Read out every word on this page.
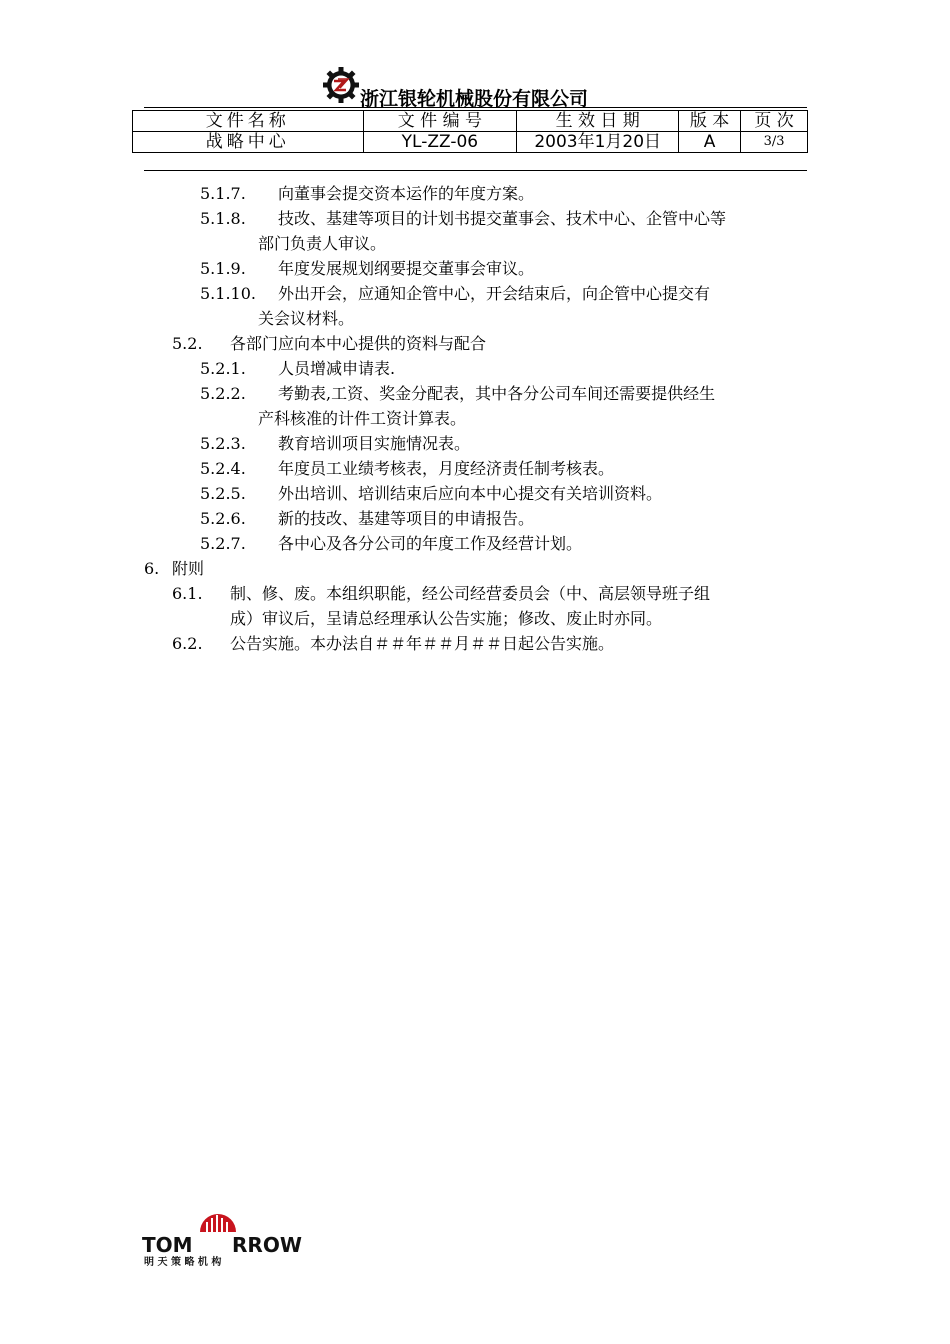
浙江银轮机械股份有限公司
文件名称	文 件 编 号	生 效 日 期	版 本	页 次
战略中心	YL-ZZ-06	2003年1月20日	A	3/3
5.1.7. 向董事会提交资本运作的年度方案。
5.1.8. 技改、基建等项目的计划书提交董事会、技术中心、企管中心等
部门负责人审议。
5.1.9. 年度发展规划纲要提交董事会审议。
5.1.10. 外出开会，应通知企管中心，开会结束后，向企管中心提交有
关会议材料。
5.2. 各部门应向本中心提供的资料与配合
5.2.1. 人员增减申请表.
5.2.2. 考勤表,工资、奖金分配表，其中各分公司车间还需要提供经生
产科核准的计件工资计算表。
5.2.3. 教育培训项目实施情况表。
5.2.4. 年度员工业绩考核表，月度经济责任制考核表。
5.2.5. 外出培训、培训结束后应向本中心提交有关培训资料。
5.2.6. 新的技改、基建等项目的申请报告。
5.2.7. 各中心及各分公司的年度工作及经营计划。
6. 附则
6.1. 制、修、废。本组织职能，经公司经营委员会（中、高层领导班子组
成）审议后，呈请总经理承认公告实施；修改、废止时亦同。
6.2. 公告实施。本办法自＃＃年＃＃月＃＃日起公告实施。
TOM RROW
明 天 策 略 机 构
